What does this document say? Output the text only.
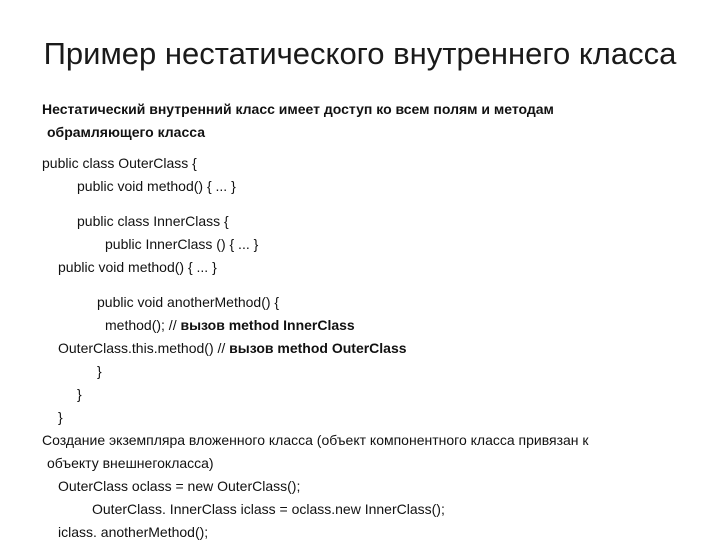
Пример нестатического внутреннего класса
Нестатический внутренний класс имеет доступ ко всем полям и методам
обрамляющего класса
public class OuterClass {
public void method() { ... }
public class InnerClass {
public InnerClass () { ... }
public void method() { ... }
public void anotherMethod() {
method(); // вызов method InnerClass
OuterClass.this.method() // вызов method OuterClass
}
}
}
Создание экземпляра вложенного класса (объект компонентного класса привязан к
объекту внешнегокласса)
OuterClass oclass = new OuterClass();
OuterClass. InnerClass iclass = oclass.new InnerClass();
iclass. anotherMethod();
